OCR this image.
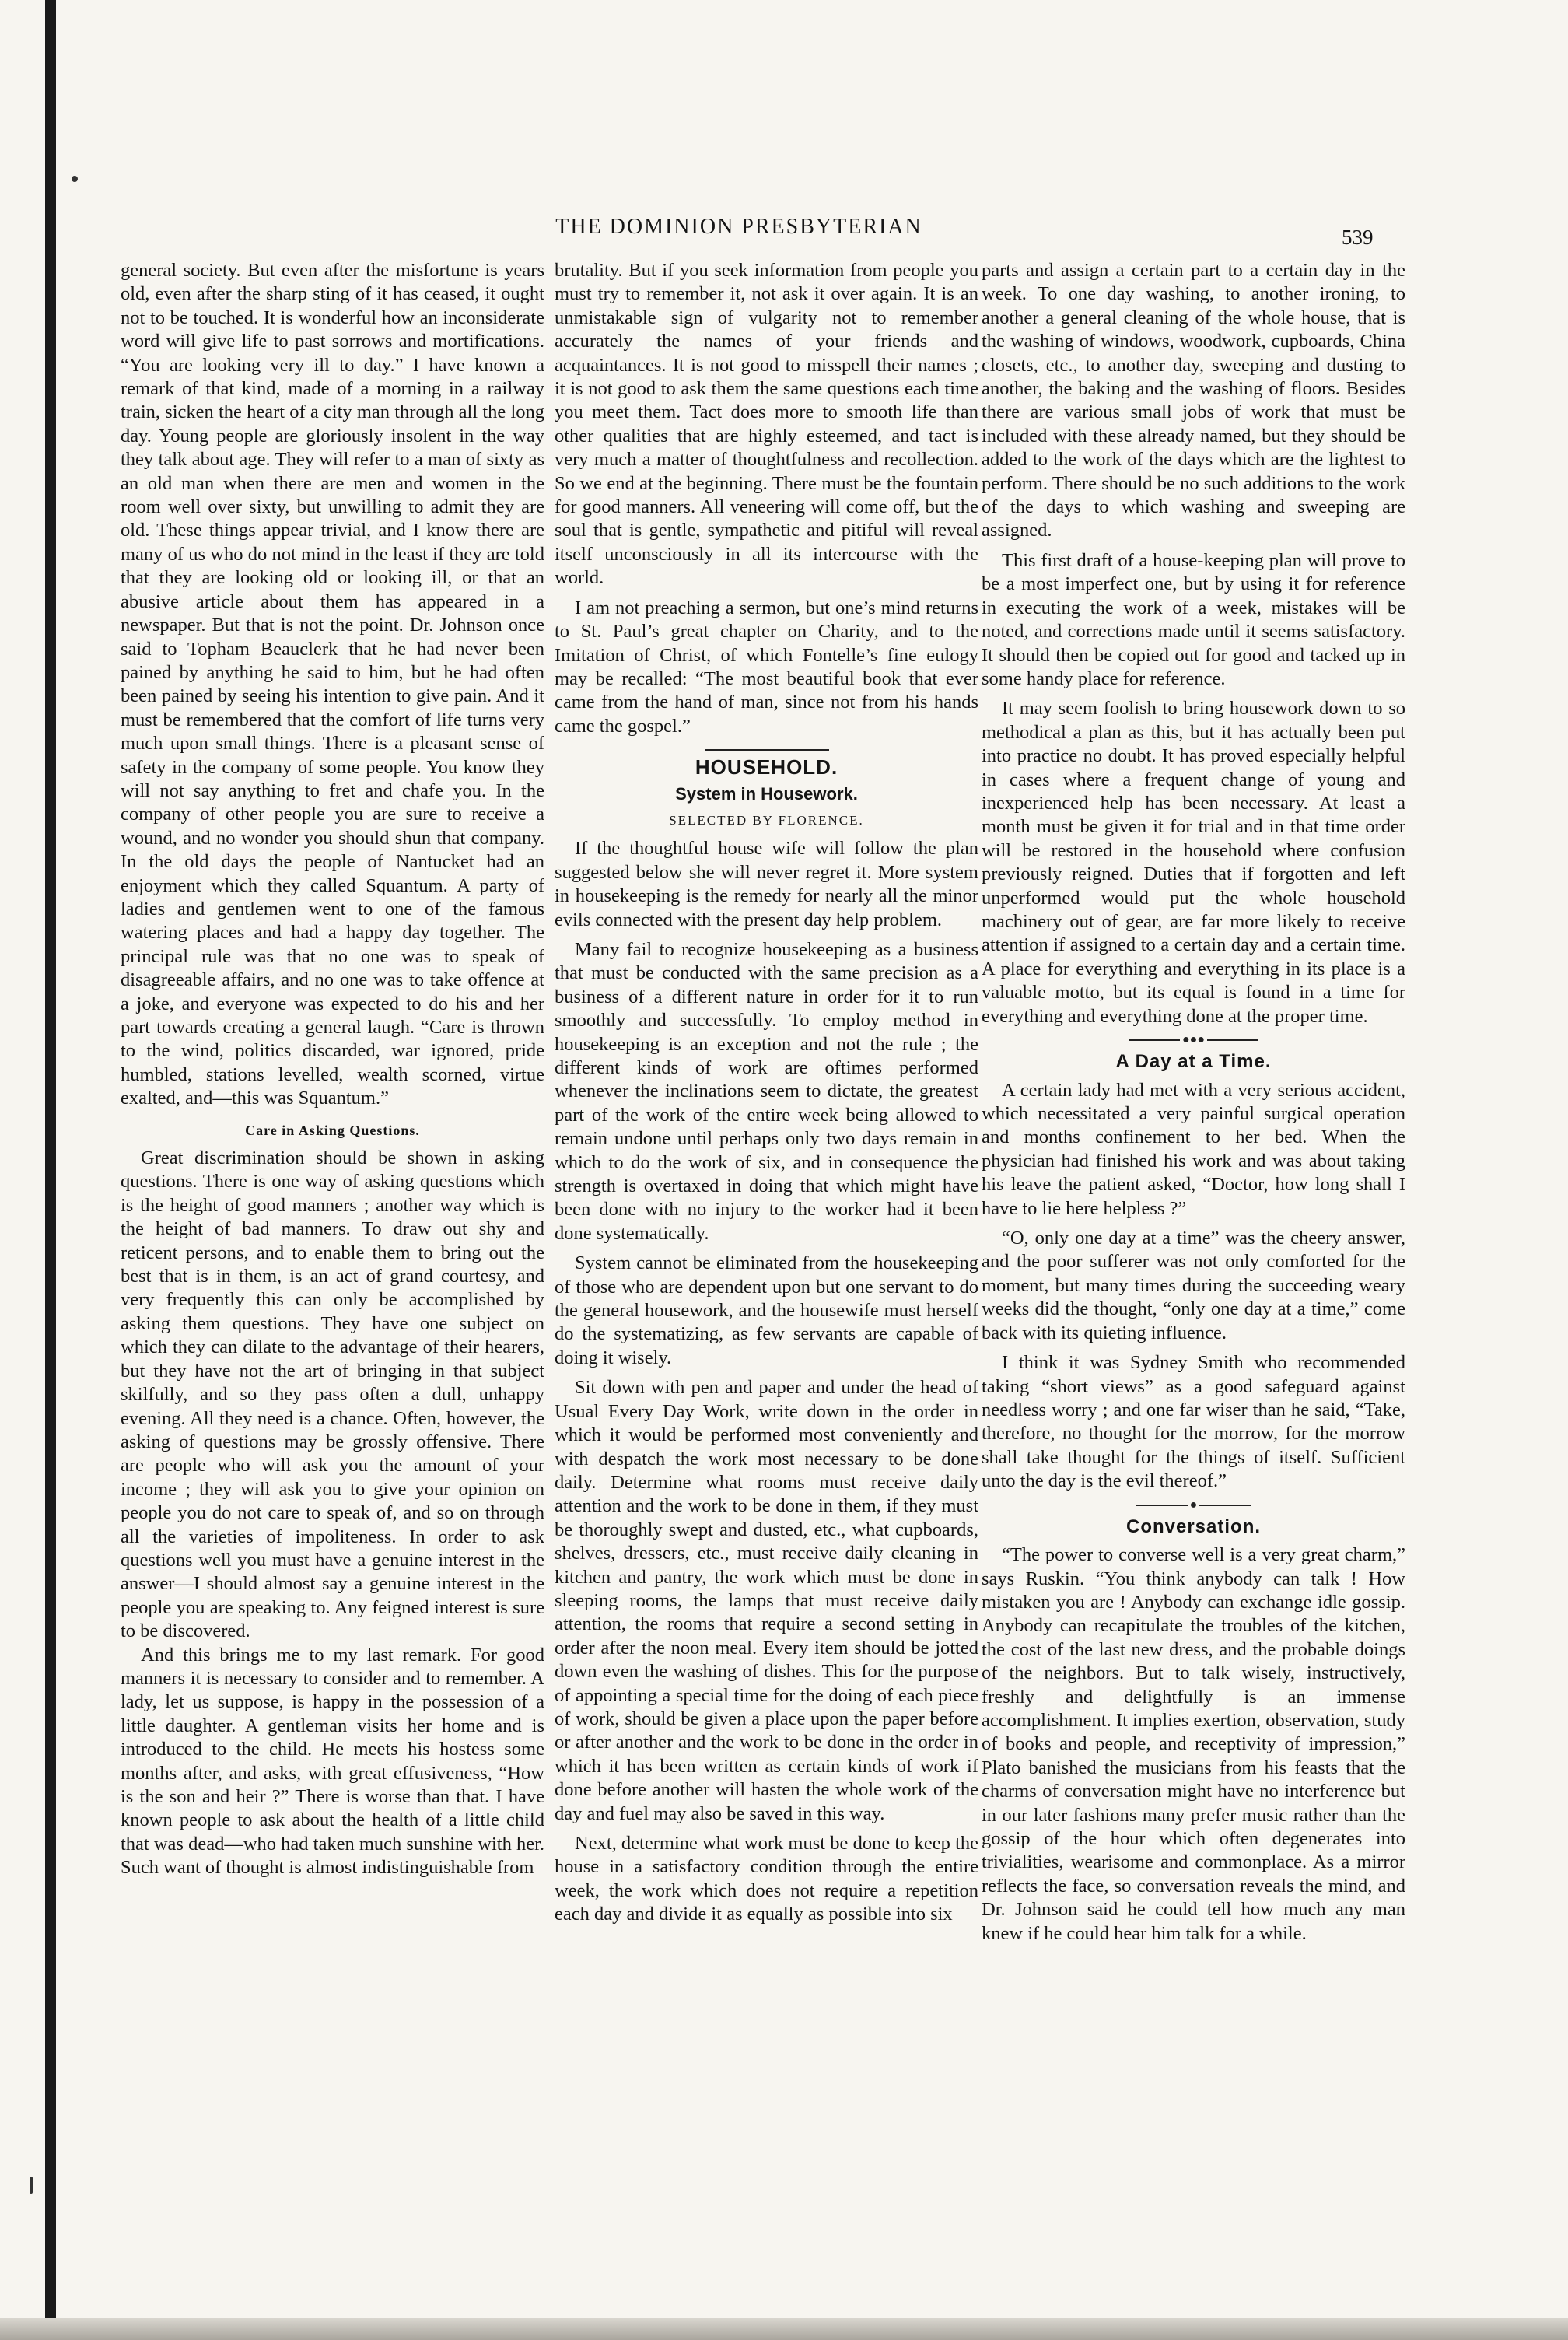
THE DOMINION PRESBYTERIAN	539

general society. But even after the misfortune is years old, even after the sharp sting of it has ceased, it ought not to be touched. It is wonderful how an inconsiderate word will give life to past sorrows and mortifications. “You are looking very ill to day.” I have known a remark of that kind, made of a morning in a railway train, sicken the heart of a city man through all the long day. Young people are gloriously insolent in the way they talk about age. They will refer to a man of sixty as an old man when there are men and women in the room well over sixty, but unwilling to admit they are old. These things appear trivial, and I know there are many of us who do not mind in the least if they are told that they are looking old or looking ill, or that an abusive article about them has appeared in a newspaper. But that is not the point. Dr. Johnson once said to Topham Beauclerk that he had never been pained by anything he said to him, but he had often been pained by seeing his intention to give pain. And it must be remembered that the comfort of life turns very much upon small things. There is a pleasant sense of safety in the company of some people. You know they will not say anything to fret and chafe you. In the company of other people you are sure to receive a wound, and no wonder you should shun that company. In the old days the people of Nantucket had an enjoyment which they called Squantum. A party of ladies and gentlemen went to one of the famous watering places and had a happy day together. The principal rule was that no one was to speak of disagreeable affairs, and no one was to take offence at a joke, and everyone was expected to do his and her part towards creating a general laugh. “Care is thrown to the wind, politics discarded, war ignored, pride humbled, stations levelled, wealth scorned, virtue exalted, and—this was Squantum.”

Care in Asking Questions.

Great discrimination should be shown in asking questions. There is one way of asking questions which is the height of good manners ; another way which is the height of bad manners. To draw out shy and reticent persons, and to enable them to bring out the best that is in them, is an act of grand courtesy, and very frequently this can only be accomplished by asking them questions. They have one subject on which they can dilate to the advantage of their hearers, but they have not the art of bringing in that subject skilfully, and so they pass often a dull, unhappy evening. All they need is a chance. Often, however, the asking of questions may be grossly offensive. There are people who will ask you the amount of your income ; they will ask you to give your opinion on people you do not care to speak of, and so on through all the varieties of impoliteness. In order to ask questions well you must have a genuine interest in the answer—I should almost say a genuine interest in the people you are speaking to. Any feigned interest is sure to be discovered.

And this brings me to my last remark. For good manners it is necessary to consider and to remember. A lady, let us suppose, is happy in the possession of a little daughter. A gentleman visits her home and is introduced to the child. He meets his hostess some months after, and asks, with great effusiveness, “How is the son and heir ?” There is worse than that. I have known people to ask about the health of a little child that was dead—who had taken much sunshine with her. Such want of thought is almost indistinguishable from

brutality. But if you seek information from people you must try to remember it, not ask it over again. It is an unmistakable sign of vulgarity not to remember accurately the names of your friends and acquaintances. It is not good to misspell their names ; it is not good to ask them the same questions each time you meet them. Tact does more to smooth life than other qualities that are highly esteemed, and tact is very much a matter of thoughtfulness and recollection. So we end at the beginning. There must be the fountain for good manners. All veneering will come off, but the soul that is gentle, sympathetic and pitiful will reveal itself unconsciously in all its intercourse with the world.

I am not preaching a sermon, but one’s mind returns to St. Paul’s great chapter on Charity, and to the Imitation of Christ, of which Fontelle’s fine eulogy may be recalled: “The most beautiful book that ever came from the hand of man, since not from his hands came the gospel.”

HOUSEHOLD.
System in Housework.
SELECTED BY FLORENCE.

If the thoughtful house wife will follow the plan suggested below she will never regret it. More system in housekeeping is the remedy for nearly all the minor evils connected with the present day help problem.

Many fail to recognize housekeeping as a business that must be conducted with the same precision as a business of a different nature in order for it to run smoothly and successfully. To employ method in housekeeping is an exception and not the rule ; the different kinds of work are oftimes performed whenever the inclinations seem to dictate, the greatest part of the work of the entire week being allowed to remain undone until perhaps only two days remain in which to do the work of six, and in consequence the strength is overtaxed in doing that which might have been done with no injury to the worker had it been done systematically.

System cannot be eliminated from the housekeeping of those who are dependent upon but one servant to do the general housework, and the housewife must herself do the systematizing, as few servants are capable of doing it wisely.

Sit down with pen and paper and under the head of Usual Every Day Work, write down in the order in which it would be performed most conveniently and with despatch the work most necessary to be done daily. Determine what rooms must receive daily attention and the work to be done in them, if they must be thoroughly swept and dusted, etc., what cupboards, shelves, dressers, etc., must receive daily cleaning in kitchen and pantry, the work which must be done in sleeping rooms, the lamps that must receive daily attention, the rooms that require a second setting in order after the noon meal. Every item should be jotted down even the washing of dishes. This for the purpose of appointing a special time for the doing of each piece of work, should be given a place upon the paper before or after another and the work to be done in the order in which it has been written as certain kinds of work if done before another will hasten the whole work of the day and fuel may also be saved in this way.

Next, determine what work must be done to keep the house in a satisfactory condition through the entire week, the work which does not require a repetition each day and divide it as equally as possible into six

parts and assign a certain part to a certain day in the week. To one day washing, to another ironing, to another a general cleaning of the whole house, that is the washing of windows, woodwork, cupboards, China closets, etc., to another day, sweeping and dusting to another, the baking and the washing of floors. Besides there are various small jobs of work that must be included with these already named, but they should be added to the work of the days which are the lightest to perform. There should be no such additions to the work of the days to which washing and sweeping are assigned.

This first draft of a house-keeping plan will prove to be a most imperfect one, but by using it for reference in executing the work of a week, mistakes will be noted, and corrections made until it seems satisfactory. It should then be copied out for good and tacked up in some handy place for reference.

It may seem foolish to bring housework down to so methodical a plan as this, but it has actually been put into practice no doubt. It has proved especially helpful in cases where a frequent change of young and inexperienced help has been necessary. At least a month must be given it for trial and in that time order will be restored in the household where confusion previously reigned. Duties that if forgotten and left unperformed would put the whole household machinery out of gear, are far more likely to receive attention if assigned to a certain day and a certain time. A place for everything and everything in its place is a valuable motto, but its equal is found in a time for everything and everything done at the proper time.

●●●
A Day at a Time.

A certain lady had met with a very serious accident, which necessitated a very painful surgical operation and months confinement to her bed. When the physician had finished his work and was about taking his leave the patient asked, “Doctor, how long shall I have to lie here helpless ?”

“O, only one day at a time” was the cheery answer, and the poor sufferer was not only comforted for the moment, but many times during the succeeding weary weeks did the thought, “only one day at a time,” come back with its quieting influence.

I think it was Sydney Smith who recommended taking “short views” as a good safeguard against needless worry ; and one far wiser than he said, “Take, therefore, no thought for the morrow, for the morrow shall take thought for the things of itself. Sufficient unto the day is the evil thereof.”

●
Conversation.

“The power to converse well is a very great charm,” says Ruskin. “You think anybody can talk ! How mistaken you are ! Anybody can exchange idle gossip. Anybody can recapitulate the troubles of the kitchen, the cost of the last new dress, and the probable doings of the neighbors. But to talk wisely, instructively, freshly and delightfully is an immense accomplishment. It implies exertion, observation, study of books and people, and receptivity of impression,” Plato banished the musicians from his feasts that the charms of conversation might have no interference but in our later fashions many prefer music rather than the gossip of the hour which often degenerates into trivialities, wearisome and commonplace. As a mirror reflects the face, so conversation reveals the mind, and Dr. Johnson said he could tell how much any man knew if he could hear him talk for a while.
